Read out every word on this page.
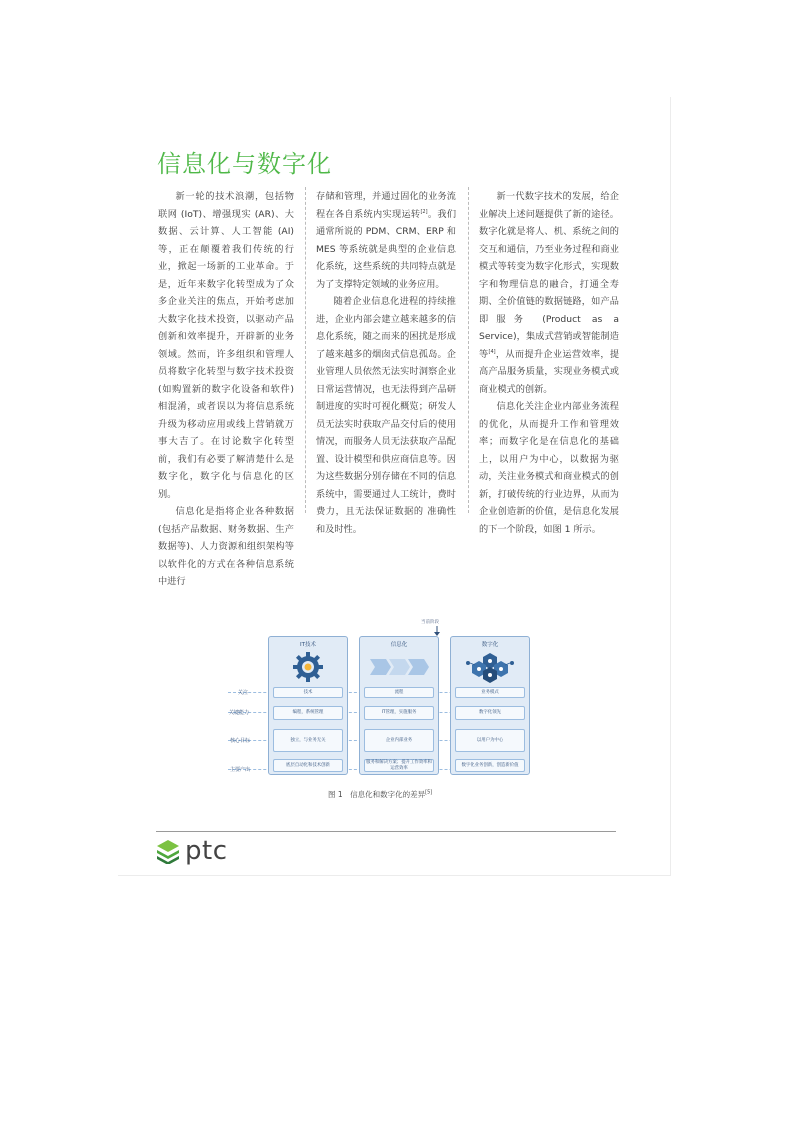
信息化与数字化

新一轮的技术浪潮，包括物联网 (IoT)、增强现实 (AR)、大数据、云计算、人工智能 (AI) 等，正在颠覆着我们传统的行业，掀起一场新的工业革命。于是，近年来数字化转型成为了众多企业关注的焦点，开始考虑加大数字化技术投资，以驱动产品创新和效率提升，开辟新的业务领域。然而，许多组织和管理人员将数字化转型与数字技术投资 (如购置新的数字化设备和软件) 相混淆，或者误以为将信息系统升级为移动应用或线上营销就万事大吉了。在讨论数字化转型前，我们有必要了解清楚什么是数字化，数字化与信息化的区别。

信息化是指将企业各种数据 (包括产品数据、财务数据、生产数据等)、人力资源和组织架构等以软件化的方式在各种信息系统中进行

存储和管理，并通过固化的业务流程在各自系统内实现运转[2]。我们通常所说的 PDM、CRM、ERP 和 MES 等系统就是典型的企业信息化系统，这些系统的共同特点就是为了支撑特定领域的业务应用。

随着企业信息化进程的持续推进，企业内部会建立越来越多的信息化系统，随之而来的困扰是形成了越来越多的烟囱式信息孤岛。企业管理人员依然无法实时洞察企业日常运营情况，也无法得到产品研制进度的实时可视化概览；研发人员无法实时获取产品交付后的使用情况，而服务人员无法获取产品配置、设计模型和供应商信息等。因为这些数据分别存储在不同的信息系统中，需要通过人工统计，费时费力，且无法保证数据的 准确性和及时性。

新一代数字技术的发展，给企业解决上述问题提供了新的途径。数字化就是将人、机、系统之间的交互和通信，乃至业务过程和商业模式等转变为数字化形式，实现数字和物理信息的融合，打通全寿期、全价值链的数据链路，如产品即服务 (Product as a Service)，集成式营销或智能制造等[4]，从而提升企业运营效率，提高产品服务质量，实现业务模式或商业模式的创新。

信息化关注企业内部业务流程的优化，从而提升工作和管理效率；而数字化是在信息化的基础上，以用户为中心，以数据为驱动，关注业务模式和商业模式的创新，打破传统的行业边界，从而为企业创造新的价值，是信息化发展的下一个阶段，如图 1 所示。

当前阶段
关注
关键能力
核心目标
主要产出
IT技术
技术
编程，系统管理
独立，与业务无关
底层自动化和技术创新
信息化
流程
IT管理，实施服务
企业内部业务
服务和解决方案；提升工作效率和运营效率
数字化
业务模式
数字化领先
以用户为中心
数字化业务创新，创造新价值
图 1　信息化和数字化的差异[5]
ptc
